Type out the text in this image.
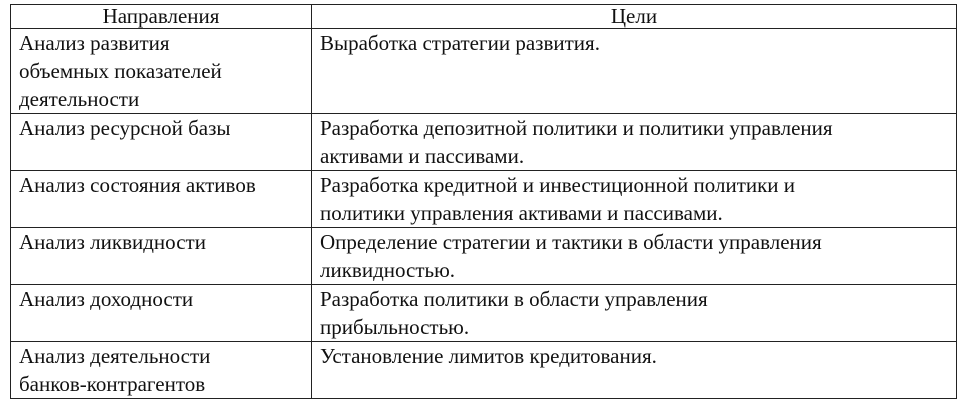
Направления	Цели

Анализ развития
объемных показателей
деятельности	Выработка стратегии развития.

Анализ ресурсной базы	Разработка депозитной политики и политики управления
активами и пассивами.

Анализ состояния активов	Разработка кредитной и инвестиционной политики и
политики управления активами и пассивами.

Анализ ликвидности	Определение стратегии и тактики в области управления
ликвидностью.

Анализ доходности	Разработка политики в области управления
прибыльностью.

Анализ деятельности
банков-контрагентов	Установление лимитов кредитования.
